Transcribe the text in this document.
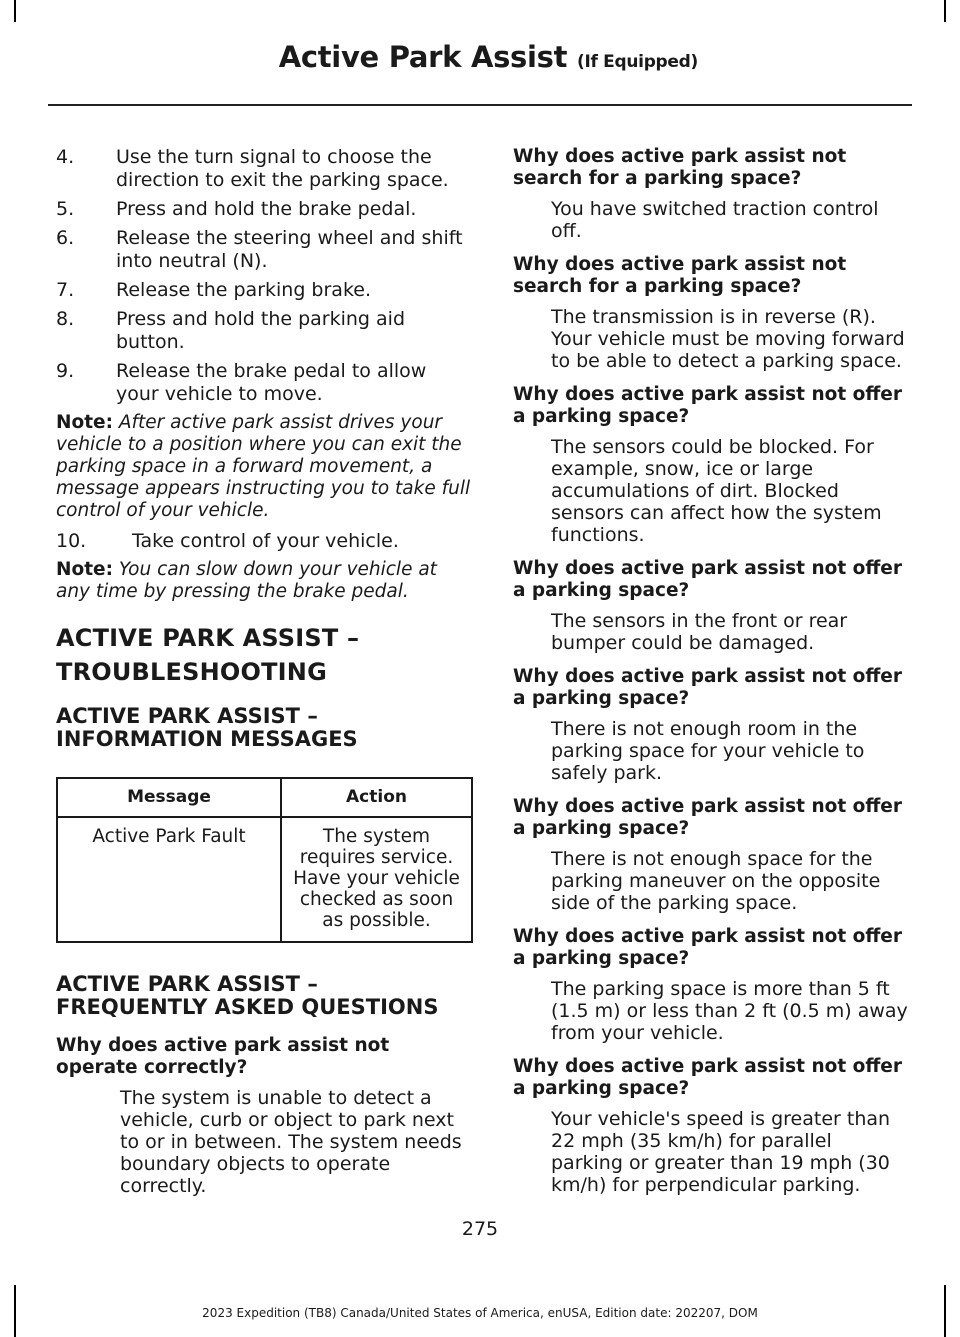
Active Park Assist (If Equipped)
4.	Use the turn signal to choose the direction to exit the parking space.
5.	Press and hold the brake pedal.
6.	Release the steering wheel and shift into neutral (N).
7.	Release the parking brake.
8.	Press and hold the parking aid button.
9.	Release the brake pedal to allow your vehicle to move.

Note: After active park assist drives your vehicle to a position where you can exit the parking space in a forward movement, a message appears instructing you to take full control of your vehicle.

10.	Take control of your vehicle.

Note: You can slow down your vehicle at any time by pressing the brake pedal.

ACTIVE PARK ASSIST –
TROUBLESHOOTING
ACTIVE PARK ASSIST – INFORMATION MESSAGES
Message	Action
Active Park Fault	The system requires service. Have your vehicle checked as soon as possible.
ACTIVE PARK ASSIST – FREQUENTLY ASKED QUESTIONS

Why does active park assist not operate correctly?

The system is unable to detect a vehicle, curb or object to park next to or in between. The system needs boundary objects to operate correctly.

Why does active park assist not search for a parking space?

You have switched traction control off.

Why does active park assist not search for a parking space?

The transmission is in reverse (R). Your vehicle must be moving forward to be able to detect a parking space.

Why does active park assist not offer a parking space?

The sensors could be blocked. For example, snow, ice or large accumulations of dirt. Blocked sensors can affect how the system functions.

Why does active park assist not offer a parking space?

The sensors in the front or rear bumper could be damaged.

Why does active park assist not offer a parking space?

There is not enough room in the parking space for your vehicle to safely park.

Why does active park assist not offer a parking space?

There is not enough space for the parking maneuver on the opposite side of the parking space.

Why does active park assist not offer a parking space?

The parking space is more than 5 ft (1.5 m) or less than 2 ft (0.5 m) away from your vehicle.

Why does active park assist not offer a parking space?

Your vehicle's speed is greater than 22 mph (35 km/h) for parallel parking or greater than 19 mph (30 km/h) for perpendicular parking.

275
2023 Expedition (TB8) Canada/United States of America, enUSA, Edition date: 202207, DOM
